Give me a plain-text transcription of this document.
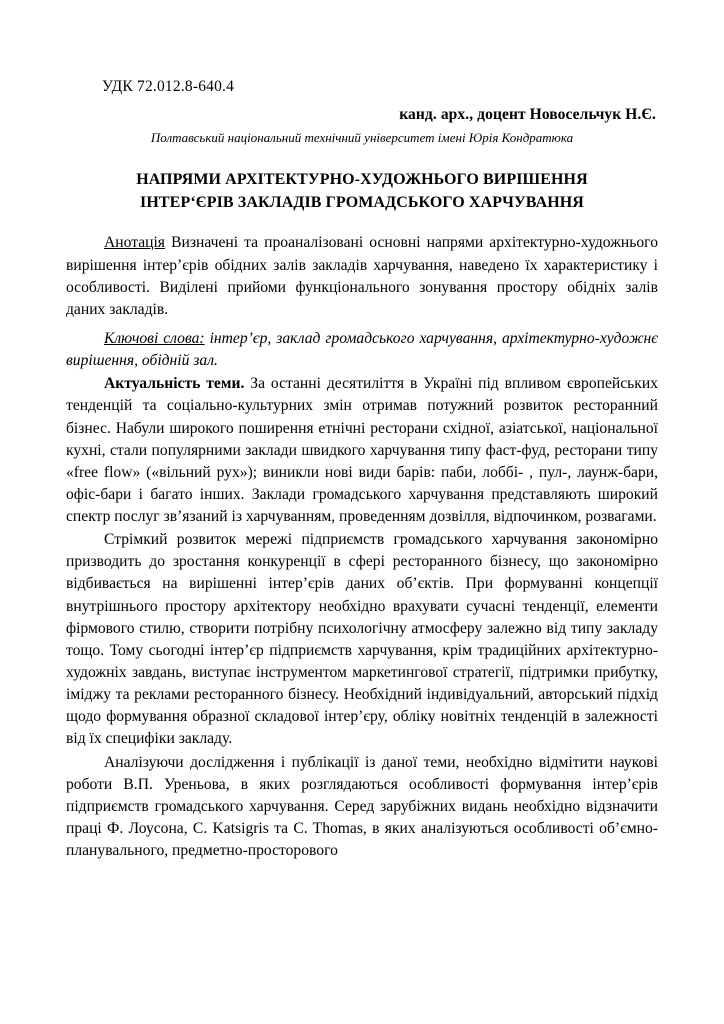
УДК 72.012.8-640.4
канд. арх., доцент Новосельчук Н.Є.
Полтавський національний технічний університет імені Юрія Кондратюка
НАПРЯМИ АРХІТЕКТУРНО-ХУДОЖНЬОГО ВИРІШЕННЯ
ІНТЕР‘ЄРІВ ЗАКЛАДІВ ГРОМАДСЬКОГО ХАРЧУВАННЯ

Анотація Визначені та проаналізовані основні напрями архітектурно-художнього вирішення інтер’єрів обідних залів закладів харчування, наведено їх характеристику і особливості. Виділені прийоми функціонального зонування простору обідніх залів даних закладів.

Ключові слова: інтер’єр, заклад громадського харчування, архітектурно-художнє вирішення, обідній зал.

Актуальність теми. За останні десятиліття в Україні під впливом європейських тенденцій та соціально-культурних змін отримав потужний розвиток ресторанний бізнес. Набули широкого поширення етнічні ресторани східної, азіатської, національної кухні, стали популярними заклади швидкого харчування типу фаст-фуд, ресторани типу «free flow» («вільний рух»); виникли нові види барів: паби, лоббі- , пул-, лаунж-бари, офіс-бари і багато інших. Заклади громадського харчування представляють широкий спектр послуг зв’язаний із харчуванням, проведенням дозвілля, відпочинком, розвагами.

Стрімкий розвиток мережі підприємств громадського харчування закономірно призводить до зростання конкуренції в сфері ресторанного бізнесу, що закономірно відбивається на вирішенні інтер’єрів даних об’єктів. При формуванні концепції внутрішнього простору архітектору необхідно врахувати сучасні тенденції, елементи фірмового стилю, створити потрібну психологічну атмосферу залежно від типу закладу тощо. Тому сьогодні інтер’єр підприємств харчування, крім традиційних архітектурно-художніх завдань, виступає інструментом маркетингової стратегії, підтримки прибутку, іміджу та реклами ресторанного бізнесу. Необхідний індивідуальний, авторський підхід щодо формування образної складової інтер’єру, обліку новітніх тенденцій в залежності від їх специфіки закладу.

Аналізуючи дослідження і публікації із даної теми, необхідно відмітити наукові роботи В.П. Уреньова, в яких розглядаються особливості формування інтер’єрів підприємств громадського харчування. Серед зарубіжних видань необхідно відзначити праці Ф. Лоусона, C. Katsigris та C. Thomas, в яких аналізуються особливості об’ємно-планувального, предметно-просторового
